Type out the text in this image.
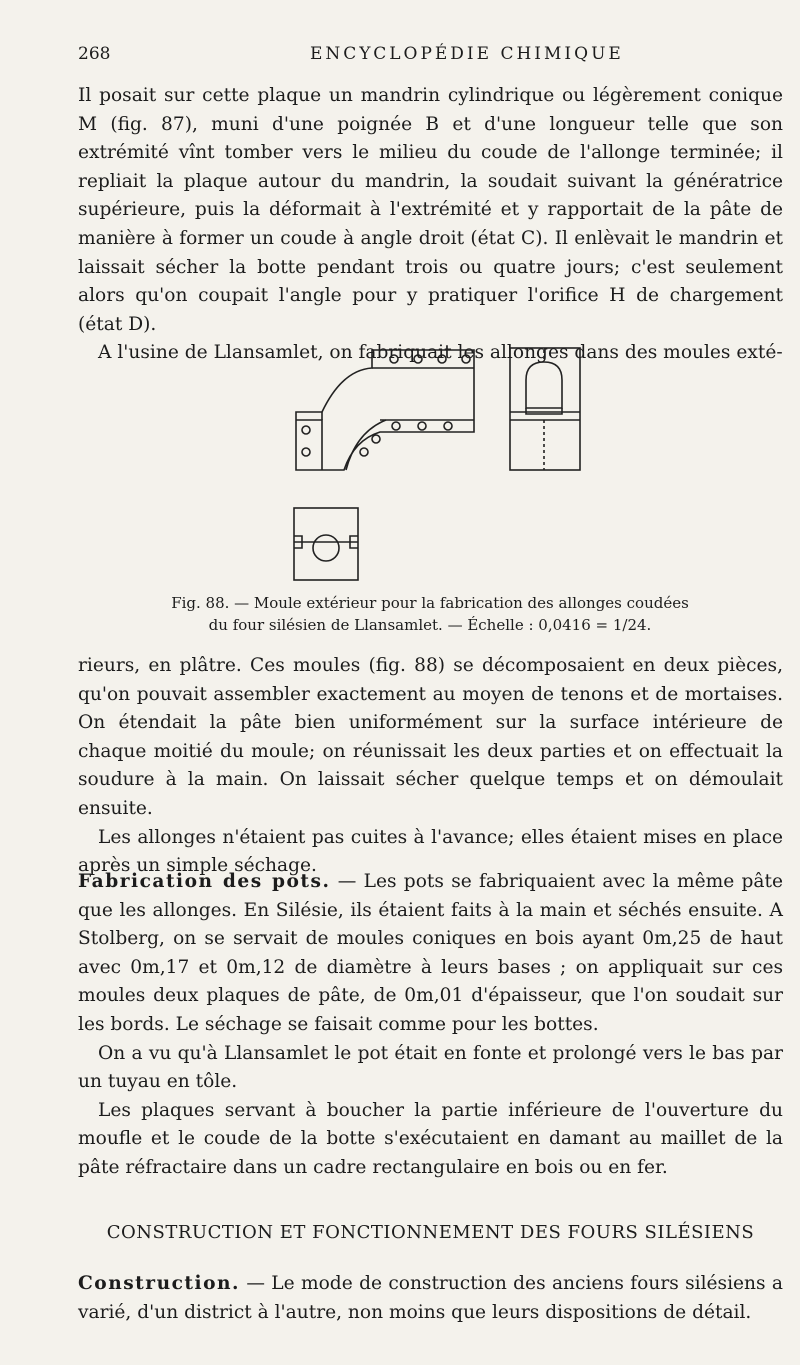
268	ENCYCLOPÉDIE CHIMIQUE

Il posait sur cette plaque un mandrin cylindrique ou légèrement conique M (fig. 87), muni d'une poignée B et d'une longueur telle que son extrémité vînt tomber vers le milieu du coude de l'allonge terminée; il repliait la plaque autour du mandrin, la soudait suivant la génératrice supérieure, puis la déformait à l'extrémité et y rapportait de la pâte de manière à former un coude à angle droit (état C). Il enlèvait le mandrin et laissait sécher la botte pendant trois ou quatre jours; c'est seulement alors qu'on coupait l'angle pour y pratiquer l'orifice H de chargement (état D).

A l'usine de Llansamlet, on fabriquait les allonges dans des moules exté-

Fig. 88. — Moule extérieur pour la fabrication des allonges coudées
du four silésien de Llansamlet. — Échelle : 0,0416 = 1/24.

rieurs, en plâtre. Ces moules (fig. 88) se décomposaient en deux pièces, qu'on pouvait assembler exactement au moyen de tenons et de mortaises. On étendait la pâte bien uniformément sur la surface intérieure de chaque moitié du moule; on réunissait les deux parties et on effectuait la soudure à la main. On laissait sécher quelque temps et on démoulait ensuite.

Les allonges n'étaient pas cuites à l'avance; elles étaient mises en place après un simple séchage.

Fabrication des pots. — Les pots se fabriquaient avec la même pâte que les allonges. En Silésie, ils étaient faits à la main et séchés ensuite. A Stolberg, on se servait de moules coniques en bois ayant 0m,25 de haut avec 0m,17 et 0m,12 de diamètre à leurs bases ; on appliquait sur ces moules deux plaques de pâte, de 0m,01 d'épaisseur, que l'on soudait sur les bords. Le séchage se faisait comme pour les bottes.

On a vu qu'à Llansamlet le pot était en fonte et prolongé vers le bas par un tuyau en tôle.

Les plaques servant à boucher la partie inférieure de l'ouverture du moufle et le coude de la botte s'exécutaient en damant au maillet de la pâte réfractaire dans un cadre rectangulaire en bois ou en fer.

CONSTRUCTION ET FONCTIONNEMENT DES FOURS SILÉSIENS

Construction. — Le mode de construction des anciens fours silésiens a varié, d'un district à l'autre, non moins que leurs dispositions de détail.
